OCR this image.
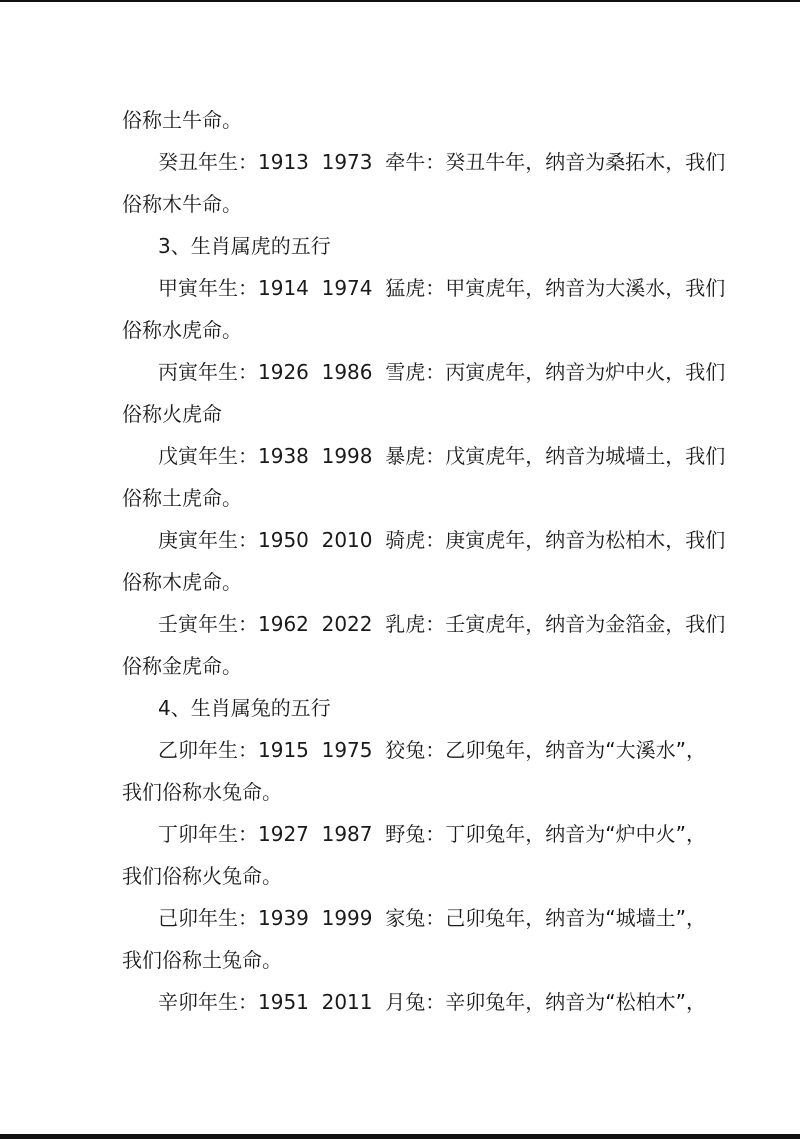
俗称土牛命。
癸丑年生：1913  1973  牵牛：癸丑牛年，纳音为桑拓木，我们
俗称木牛命。
3、生肖属虎的五行
甲寅年生：1914  1974  猛虎：甲寅虎年，纳音为大溪水，我们
俗称水虎命。
丙寅年生：1926  1986  雪虎：丙寅虎年，纳音为炉中火，我们
俗称火虎命
戊寅年生：1938  1998  暴虎：戊寅虎年，纳音为城墙土，我们
俗称土虎命。
庚寅年生：1950  2010  骑虎：庚寅虎年，纳音为松柏木，我们
俗称木虎命。
壬寅年生：1962  2022  乳虎：壬寅虎年，纳音为金箔金，我们
俗称金虎命。
4、生肖属兔的五行
乙卯年生：1915  1975  狡兔：乙卯兔年，纳音为“大溪水”，
我们俗称水兔命。
丁卯年生：1927  1987  野兔：丁卯兔年，纳音为“炉中火”，
我们俗称火兔命。
己卯年生：1939  1999  家兔：己卯兔年，纳音为“城墙土”，
我们俗称土兔命。
辛卯年生：1951  2011  月兔：辛卯兔年，纳音为“松柏木”，
